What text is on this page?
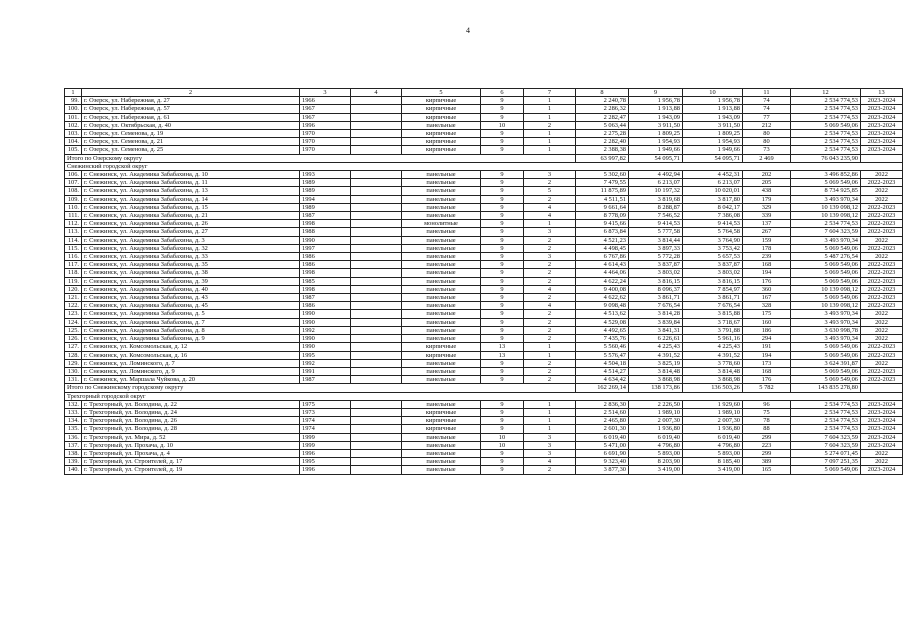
4
1	2	3	4	5	6	7	8	9	10	11	12	13
99.	г. Озерск, ул. Набережная, д. 27	1966		кирпичные	9	1	2 240,78	1 956,78	1 956,78	74	2 534 774,53	2023-2024
100.	г. Озерск, ул. Набережная, д. 57	1967		кирпичные	9	1	2 286,32	1 913,88	1 913,88	74	2 534 774,53	2023-2024
101.	г. Озерск, ул. Набережная, д. 61	1967		кирпичные	9	1	2 282,47	1 943,09	1 943,09	77	2 534 774,53	2023-2024
102.	г. Озерск, ул. Октябрьская, д. 40	1996		панельные	10	2	5 063,44	3 911,50	3 911,50	212	5 069 549,06	2023-2024
103.	г. Озерск, ул. Семенова, д. 19	1970		кирпичные	9	1	2 275,28	1 809,25	1 809,25	80	2 534 774,53	2023-2024
104.	г. Озерск, ул. Семенова, д. 21	1970		кирпичные	9	1	2 282,40	1 954,93	1 954,93	80	2 534 774,53	2023-2024
105.	г. Озерск, ул. Семенова, д. 25	1970		кирпичные	9	1	2 388,38	1 949,66	1 949,66	73	2 534 774,53	2023-2024
Итого по Озерскому округу							63 997,82	54 095,71	54 095,71	2 469	76 043 235,90	
Снежинский городской округ												
106.	г. Снежинск, ул. Академика Забабахина, д. 10	1993		панельные	9	3	5 302,60	4 492,94	4 452,31	202	3 496 852,86	2022
107.	г. Снежинск, ул. Академика Забабахина, д. 11	1989		панельные	9	2	7 479,55	6 213,07	6 213,07	205	5 069 549,06	2022-2023
108.	г. Снежинск, ул. Академика Забабахина, д. 13	1989		панельные	9	5	11 875,89	10 197,32	10 020,01	438	8 734 925,85	2022
109.	г. Снежинск, ул. Академика Забабахина, д. 14	1994		панельные	9	2	4 511,51	3 819,68	3 817,80	179	3 493 970,34	2022
110.	г. Снежинск, ул. Академика Забабахина, д. 15	1989		панельные	9	4	9 661,64	8 288,87	8 042,17	329	10 139 098,12	2022-2023
111.	г. Снежинск, ул. Академика Забабахина, д. 21	1987		панельные	9	4	8 778,09	7 546,52	7 386,08	339	10 139 098,12	2022-2023
112.	г. Снежинск, ул. Академика Забабахина, д. 26	1998		монолитные	9	1	9 415,66	9 414,53	9 414,53	137	2 534 774,53	2022-2023
113.	г. Снежинск, ул. Академика Забабахина, д. 27	1988		панельные	9	3	6 873,84	5 777,58	5 764,58	267	7 604 323,59	2022-2023
114.	г. Снежинск, ул. Академика Забабахина, д. 3	1990		панельные	9	2	4 521,23	3 814,44	3 764,90	159	3 493 970,34	2022
115.	г. Снежинск, ул. Академика Забабахина, д. 32	1997		панельные	9	2	4 498,45	3 897,33	3 753,42	178	5 069 549,06	2022-2023
116.	г. Снежинск, ул. Академика Забабахина, д. 33	1986		панельные	9	3	6 767,86	5 772,28	5 657,53	239	5 487 276,54	2022
117.	г. Снежинск, ул. Академика Забабахина, д. 35	1986		панельные	9	2	4 614,43	3 837,87	3 837,87	168	5 069 549,06	2022-2023
118.	г. Снежинск, ул. Академика Забабахина, д. 38	1998		панельные	9	2	4 464,06	3 803,02	3 803,02	194	5 069 549,06	2022-2023
119.	г. Снежинск, ул. Академика Забабахина, д. 39	1985		панельные	9	2	4 622,24	3 816,15	3 816,15	176	5 069 549,06	2022-2023
120.	г. Снежинск, ул. Академика Забабахина, д. 40	1998		панельные	9	4	9 400,08	8 096,37	7 854,97	360	10 139 098,12	2022-2023
121.	г. Снежинск, ул. Академика Забабахина, д. 43	1987		панельные	9	2	4 622,62	3 861,71	3 861,71	167	5 069 549,06	2022-2023
122.	г. Снежинск, ул. Академика Забабахина, д. 45	1986		панельные	9	4	9 098,48	7 676,54	7 676,54	328	10 139 098,12	2022-2023
123.	г. Снежинск, ул. Академика Забабахина, д. 5	1990		панельные	9	2	4 513,62	3 814,28	3 815,88	175	3 493 970,34	2022
124.	г. Снежинск, ул. Академика Забабахина, д. 7	1990		панельные	9	2	4 529,08	3 839,84	3 718,67	160	3 493 970,34	2022
125.	г. Снежинск, ул. Академика Забабахина, д. 8	1992		панельные	9	2	4 492,65	3 841,31	3 791,88	186	3 630 998,78	2022
126.	г. Снежинск, ул. Академика Забабахина, д. 9	1990		панельные	9	2	7 435,76	6 226,61	5 961,16	294	3 493 970,34	2022
127.	г. Снежинск, ул. Комсомольская, д. 12	1990		кирпичные	13	1	5 560,46	4 225,43	4 225,43	191	5 069 549,06	2022-2023
128.	г. Снежинск, ул. Комсомольская, д. 16	1995		кирпичные	13	1	5 576,47	4 391,52	4 391,52	194	5 069 549,06	2022-2023
129.	г. Снежинск, ул. Ломинского, д. 7	1992		панельные	9	2	4 504,18	3 825,19	3 778,60	173	3 624 391,87	2022
130.	г. Снежинск, ул. Ломинского, д. 9	1991		панельные	9	2	4 514,27	3 814,48	3 814,48	168	5 069 549,06	2022-2023
131.	г. Снежинск, ул. Маршала Чуйкова, д. 20	1987		панельные	9	2	4 634,42	3 868,98	3 868,98	176	5 069 549,06	2022-2023
Итого по Снежинскому городскому округу							162 269,14	138 173,86	136 503,26	5 782	143 835 278,80	
Трехгорный городской округ												
132.	г. Трехгорный, ул. Володина, д. 22	1975		панельные	9	1	2 836,30	2 226,50	1 929,60	96	2 534 774,53	2023-2024
133.	г. Трехгорный, ул. Володина, д. 24	1973		кирпичные	9	1	2 514,60	1 989,10	1 989,10	75	2 534 774,53	2023-2024
134.	г. Трехгорный, ул. Володина, д. 26	1974		кирпичные	9	1	2 465,80	2 007,30	2 007,30	78	2 534 774,53	2023-2024
135.	г. Трехгорный, ул. Володина, д. 28	1974		кирпичные	9	1	2 601,30	1 936,80	1 936,80	88	2 534 774,53	2023-2024
136.	г. Трехгорный, ул. Мира, д. 52	1999		панельные	10	3	6 019,40	6 019,40	6 019,40	299	7 604 323,59	2023-2024
137.	г. Трехгорный, ул. Прохача, д. 10	1999		панельные	10	3	5 471,00	4 796,80	4 796,80	223	7 604 323,59	2023-2024
138.	г. Трехгорный, ул. Прохача, д. 4	1996		панельные	9	3	6 691,90	5 893,00	5 893,00	299	5 274 071,45	2022
139.	г. Трехгорный, ул. Строителей, д. 17	1995		панельные	9	4	9 323,40	8 203,90	8 185,40	389	7 097 251,35	2022
140.	г. Трехгорный, ул. Строителей, д. 19	1996		панельные	9	2	3 877,30	3 419,00	3 419,00	165	5 069 549,06	2023-2024
